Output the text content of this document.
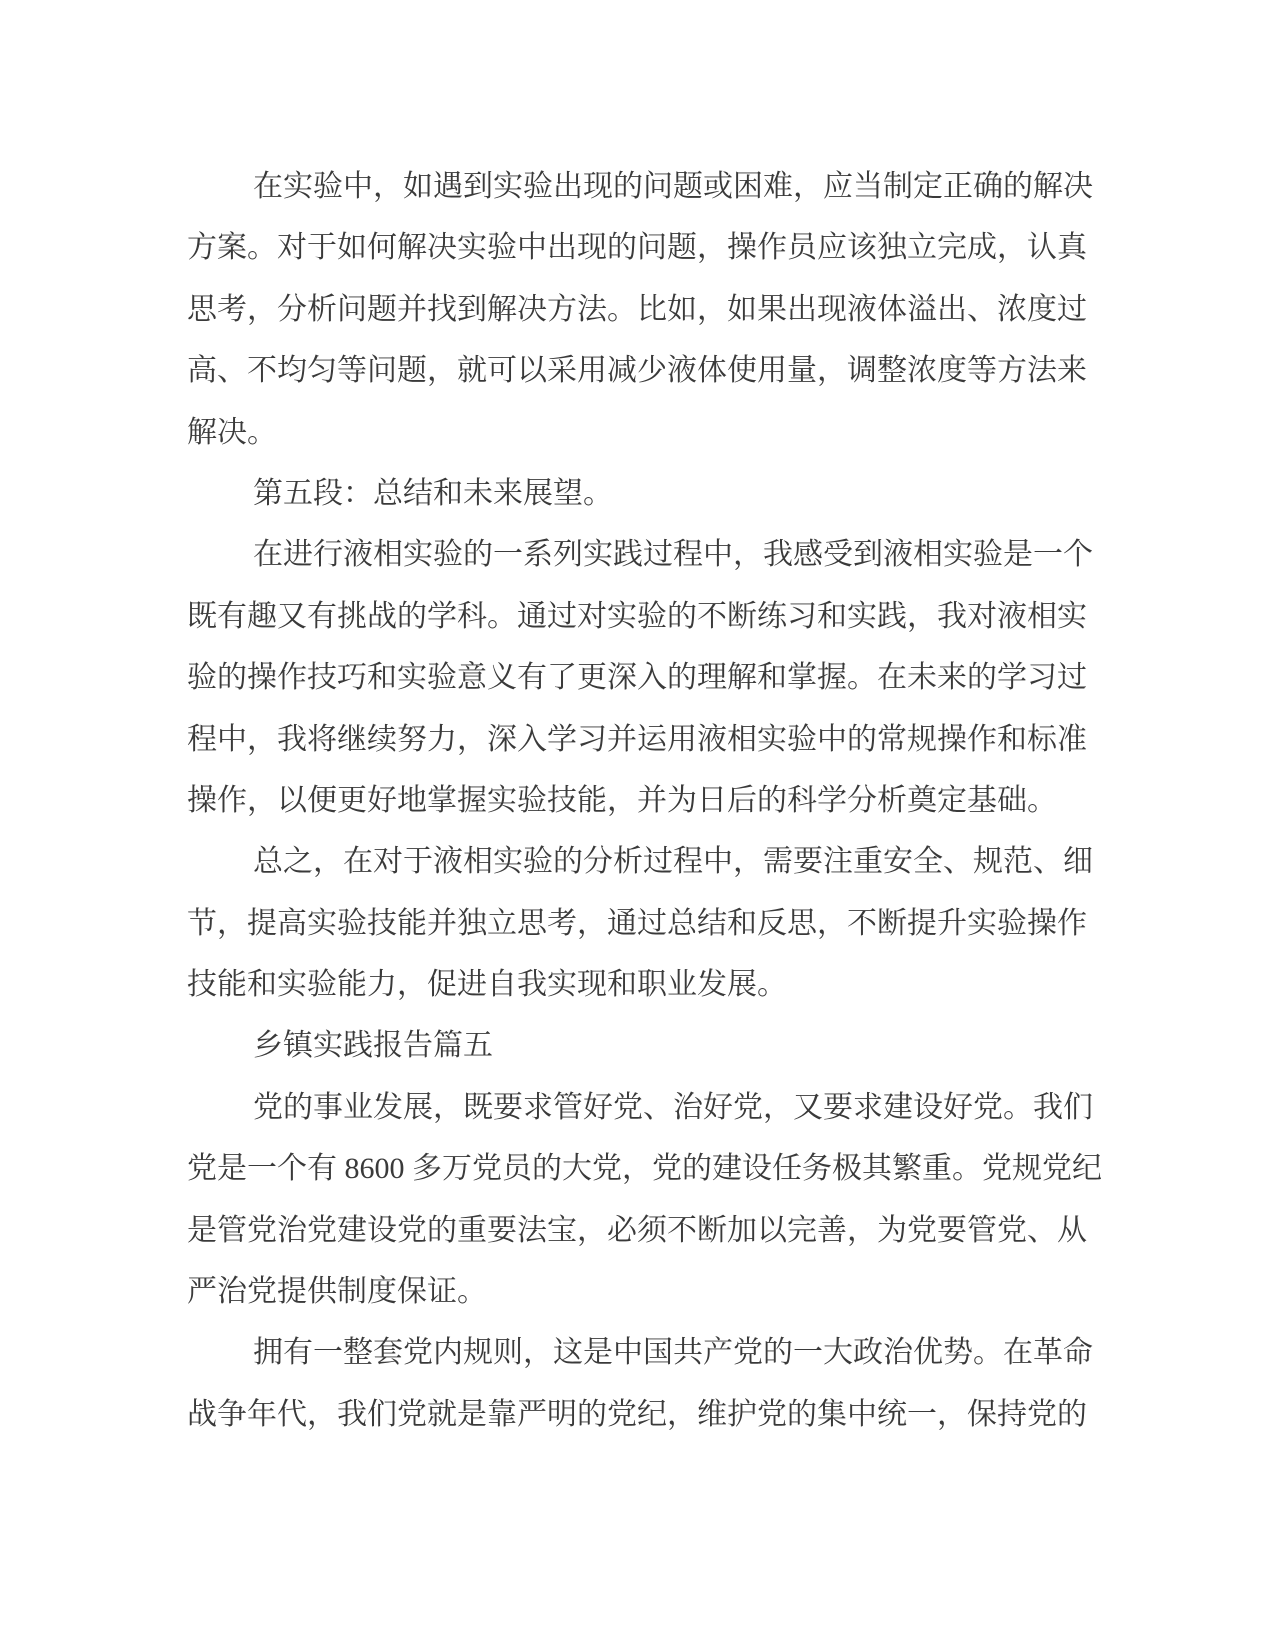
在实验中，如遇到实验出现的问题或困难，应当制定正确的解决
方案。对于如何解决实验中出现的问题，操作员应该独立完成，认真
思考，分析问题并找到解决方法。比如，如果出现液体溢出、浓度过
高、不均匀等问题，就可以采用减少液体使用量，调整浓度等方法来
解决。
第五段：总结和未来展望。
在进行液相实验的一系列实践过程中，我感受到液相实验是一个
既有趣又有挑战的学科。通过对实验的不断练习和实践，我对液相实
验的操作技巧和实验意义有了更深入的理解和掌握。在未来的学习过
程中，我将继续努力，深入学习并运用液相实验中的常规操作和标准
操作，以便更好地掌握实验技能，并为日后的科学分析奠定基础。
总之，在对于液相实验的分析过程中，需要注重安全、规范、细
节，提高实验技能并独立思考，通过总结和反思，不断提升实验操作
技能和实验能力，促进自我实现和职业发展。
乡镇实践报告篇五
党的事业发展，既要求管好党、治好党，又要求建设好党。我们
党是一个有 8600 多万党员的大党，党的建设任务极其繁重。党规党纪
是管党治党建设党的重要法宝，必须不断加以完善，为党要管党、从
严治党提供制度保证。
拥有一整套党内规则，这是中国共产党的一大政治优势。在革命
战争年代，我们党就是靠严明的党纪，维护党的集中统一，保持党的
